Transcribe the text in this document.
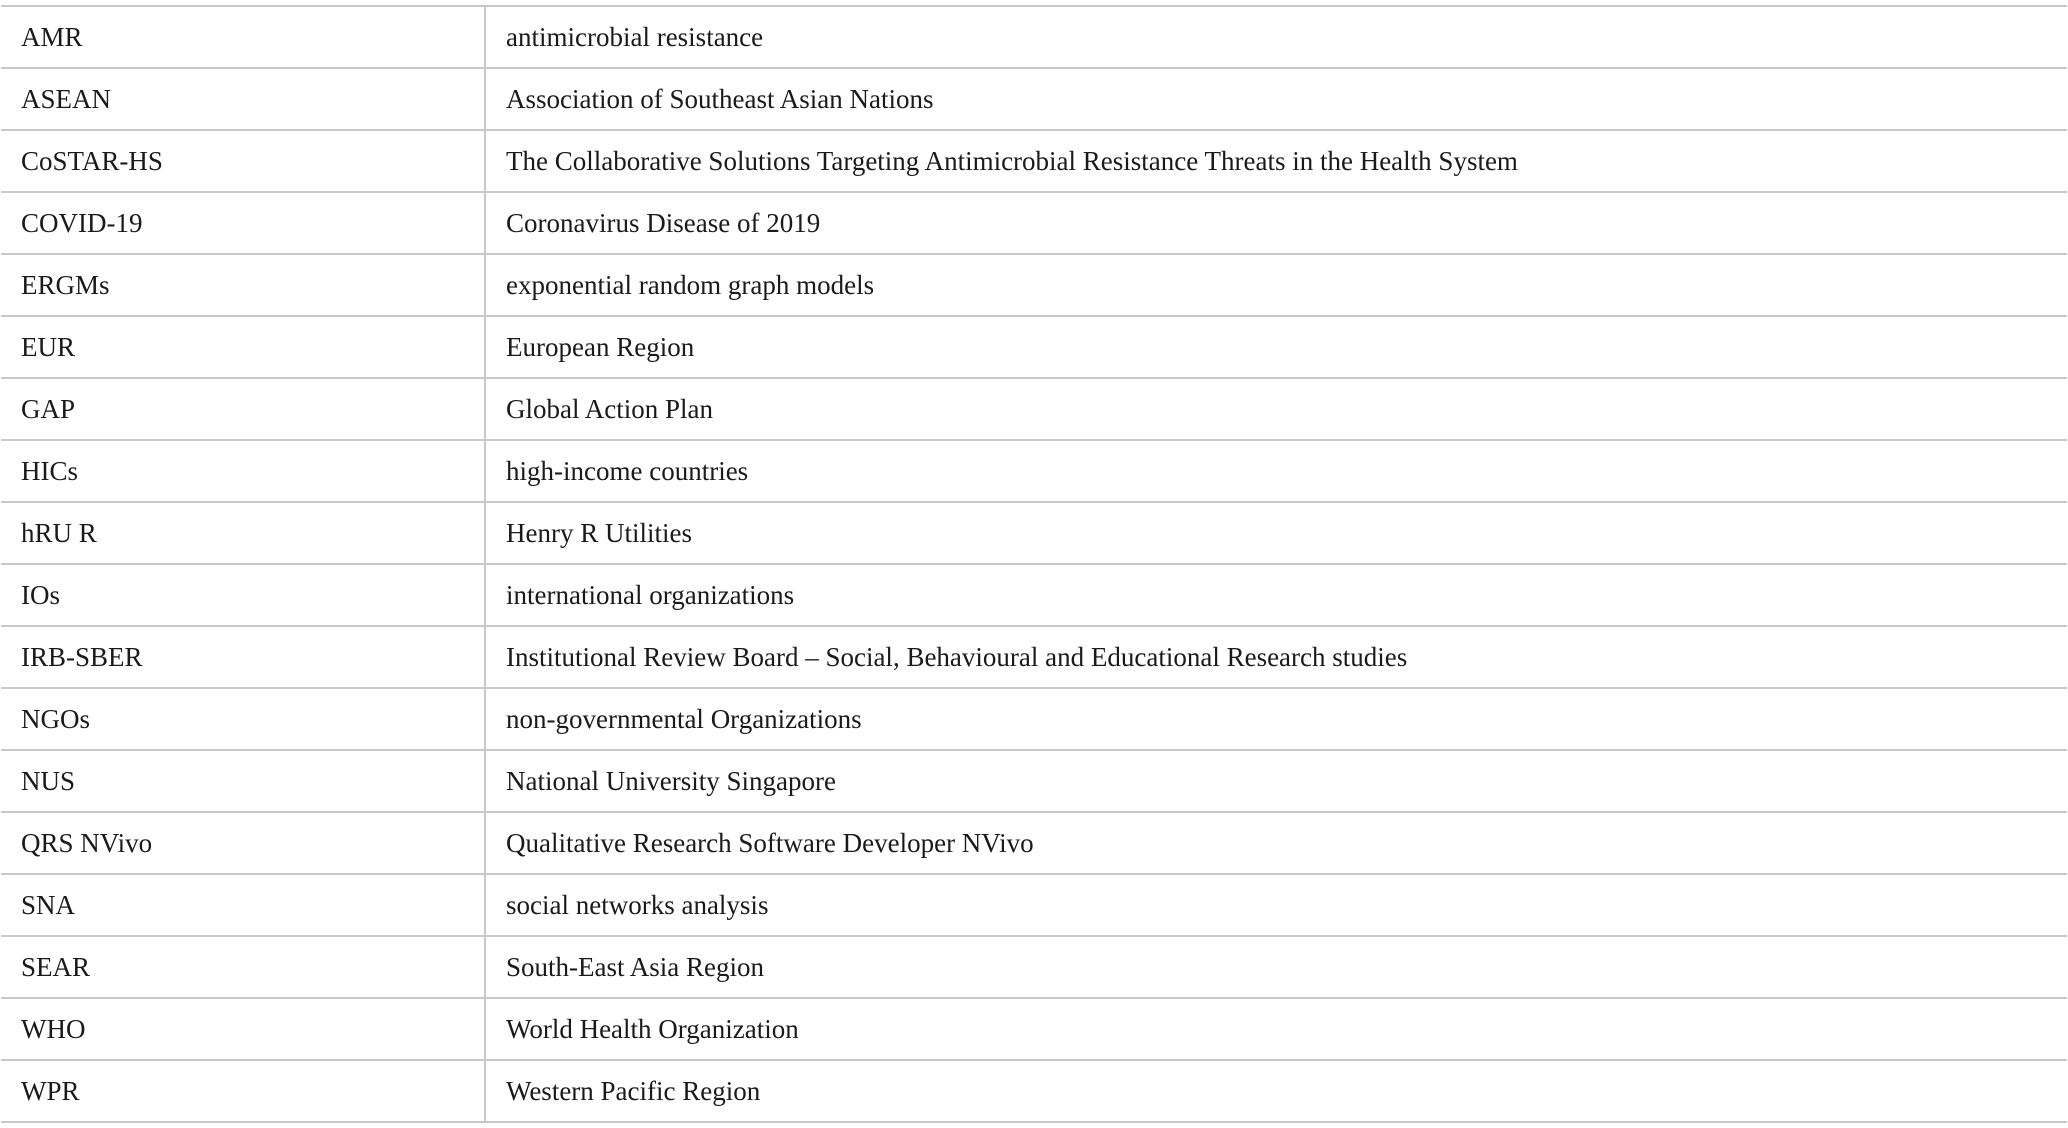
AMR	antimicrobial resistance
ASEAN	Association of Southeast Asian Nations
CoSTAR-HS	The Collaborative Solutions Targeting Antimicrobial Resistance Threats in the Health System
COVID-19	Coronavirus Disease of 2019
ERGMs	exponential random graph models
EUR	European Region
GAP	Global Action Plan
HICs	high-income countries
hRU R	Henry R Utilities
IOs	international organizations
IRB-SBER	Institutional Review Board – Social, Behavioural and Educational Research studies
NGOs	non-governmental Organizations
NUS	National University Singapore
QRS NVivo	Qualitative Research Software Developer NVivo
SNA	social networks analysis
SEAR	South-East Asia Region
WHO	World Health Organization
WPR	Western Pacific Region
